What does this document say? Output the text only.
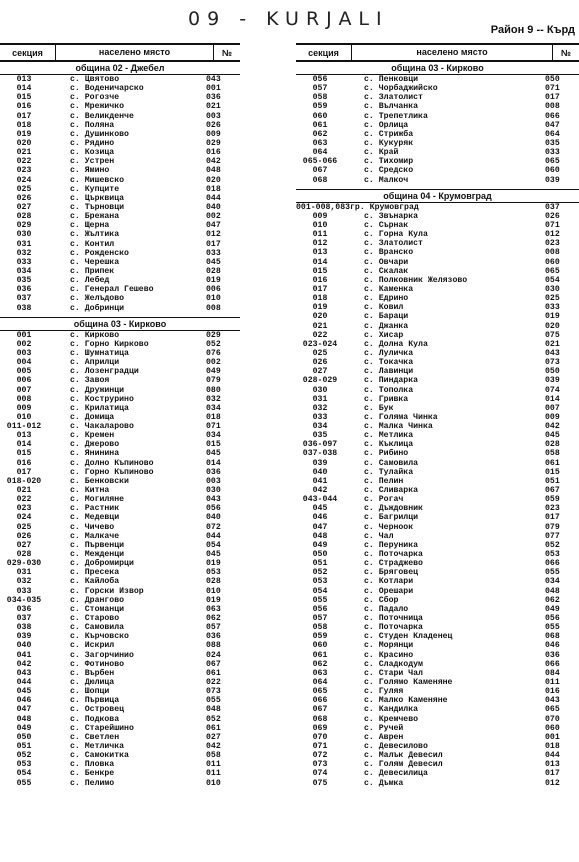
09 - KURJALI	Район 9 -- Кърд
секция	населено място	№
община 02 - Джебел
013	с. Цвятово	043
014	с. Воденичарско	001
015	с. Рогозче	036
016	с. Мрежичко	021
017	с. Великденче	003
018	с. Поляна	026
019	с. Душинково	009
020	с. Рядино	029
021	с. Козица	016
022	с. Устрен	042
023	с. Ямино	048
024	с. Мишевско	020
025	с. Купците	018
026	с. Църквица	044
027	с. Търновци	040
028	с. Брежана	002
029	с. Щерна	047
030	с. Жълтика	012
031	с. Контил	017
032	с. Рожденско	033
033	с. Черешка	045
034	с. Припек	028
035	с. Лебед	019
036	с. Генерал Гешево	006
037	с. Желъдово	010
038	с. Добринци	008
община 03 - Кирково
001	с. Кирково	029
002	с. Горно Кирково	052
003	с. Шумнатица	076
004	с. Априлци	002
005	с. Лозенградци	049
006	с. Завоя	079
007	с. Дружинци	080
008	с. Кострурино	032
009	с. Крилатица	034
010	с. Домища	018
011-012	с. Чакаларово	071
013	с. Кремен	034
014	с. Джерово	015
015	с. Янинина	045
016	с. Долно Къпиново	014
017	с. Горно Къпиново	036
018-020	с. Бенковски	003
021	с. Китна	030
022	с. Могиляне	043
023	с. Растник	056
024	с. Медевци	040
025	с. Чичево	072
026	с. Малкаче	044
027	с. Първенци	054
028	с. Межденци	045
029-030	с. Добромирци	019
031	с. Пресека	053
032	с. Кайлоба	028
033	с. Горски Извор	010
034-035	с. Дрангово	019
036	с. Стоманци	063
037	с. Старово	062
038	с. Самовила	057
039	с. Кърчовско	036
040	с. Искрил	088
041	с. Загорчинио	024
042	с. Фотиново	067
043	с. Върбен	061
044	с. Дюлица	022
045	с. Шопци	073
046	с. Първица	055
047	с. Островец	048
048	с. Подкова	052
049	с. Старейшино	061
050	с. Светлен	027
051	с. Метличка	042
052	с. Самокитка	058
053	с. Пловка	011
054	с. Бенкре	011
055	с. Пелимо	010
секция	населено място	№
община 03 - Кирково
056	с. Пенковци	050
057	с. Чорбаджийско	071
058	с. Златолист	017
059	с. Вълчанка	008
060	с. Трепетлика	066
061	с. Орлица	047
062	с. Стрижба	064
063	с. Кукуряк	035
064	с. Край	033
065-066	с. Тихомир	065
067	с. Средско	060
068	с. Малкоч	039
община 04 - Крумовград
001-008,083 гр. Крумовград	037
009	с. Звънарка	026
010	с. Сърнак	071
011	с. Горна Кула	012
012	с. Златолист	023
013	с. Вранско	008
014	с. Овчари	060
015	с. Скалак	065
016	с. Полковник Желязово	054
017	с. Каменка	030
018	с. Едрино	025
019	с. Ковил	033
020	с. Бараци	019
021	с. Джанка	020
022	с. Хисар	075
023-024	с. Долна Кула	021
025	с. Луличка	043
026	с. Токачка	073
027	с. Лавинци	050
028-029	с. Пиндарка	039
030	с. Тополка	074
031	с. Гривка	014
032	с. Бук	007
033	с. Голяма Чинка	009
034	с. Малка Чинка	042
035	с. Метлика	045
036-097	с. Къклица	028
037-038	с. Рибино	058
039	с. Самовила	061
040	с. Тулайка	015
041	с. Пелин	051
042	с. Сливарка	067
043-044	с. Рогач	059
045	с. Дъждовник	023
046	с. Багрилци	017
047	с. Черноок	079
048	с. Чал	077
049	с. Перуника	052
050	с. Поточарка	053
051	с. Страджево	066
052	с. Бряговец	055
053	с. Котлари	034
054	с. Орешари	048
055	с. Сбор	062
056	с. Падало	049
057	с. Поточница	056
058	с. Поточарка	055
059	с. Студен Кладенец	068
060	с. Морянци	046
061	с. Красино	036
062	с. Сладкодум	066
063	с. Стари Чал	084
064	с. Голямо Каменяне	011
065	с. Гуляя	016
066	с. Малко Каменяне	043
067	с. Кандилка	065
068	с. Кремчево	070
069	с. Ручей	060
070	с. Аврен	001
071	с. Девесилово	018
072	с. Малък Девесил	044
073	с. Голям Девесил	013
074	с. Девесилица	017
075	с. Дъмка	012
